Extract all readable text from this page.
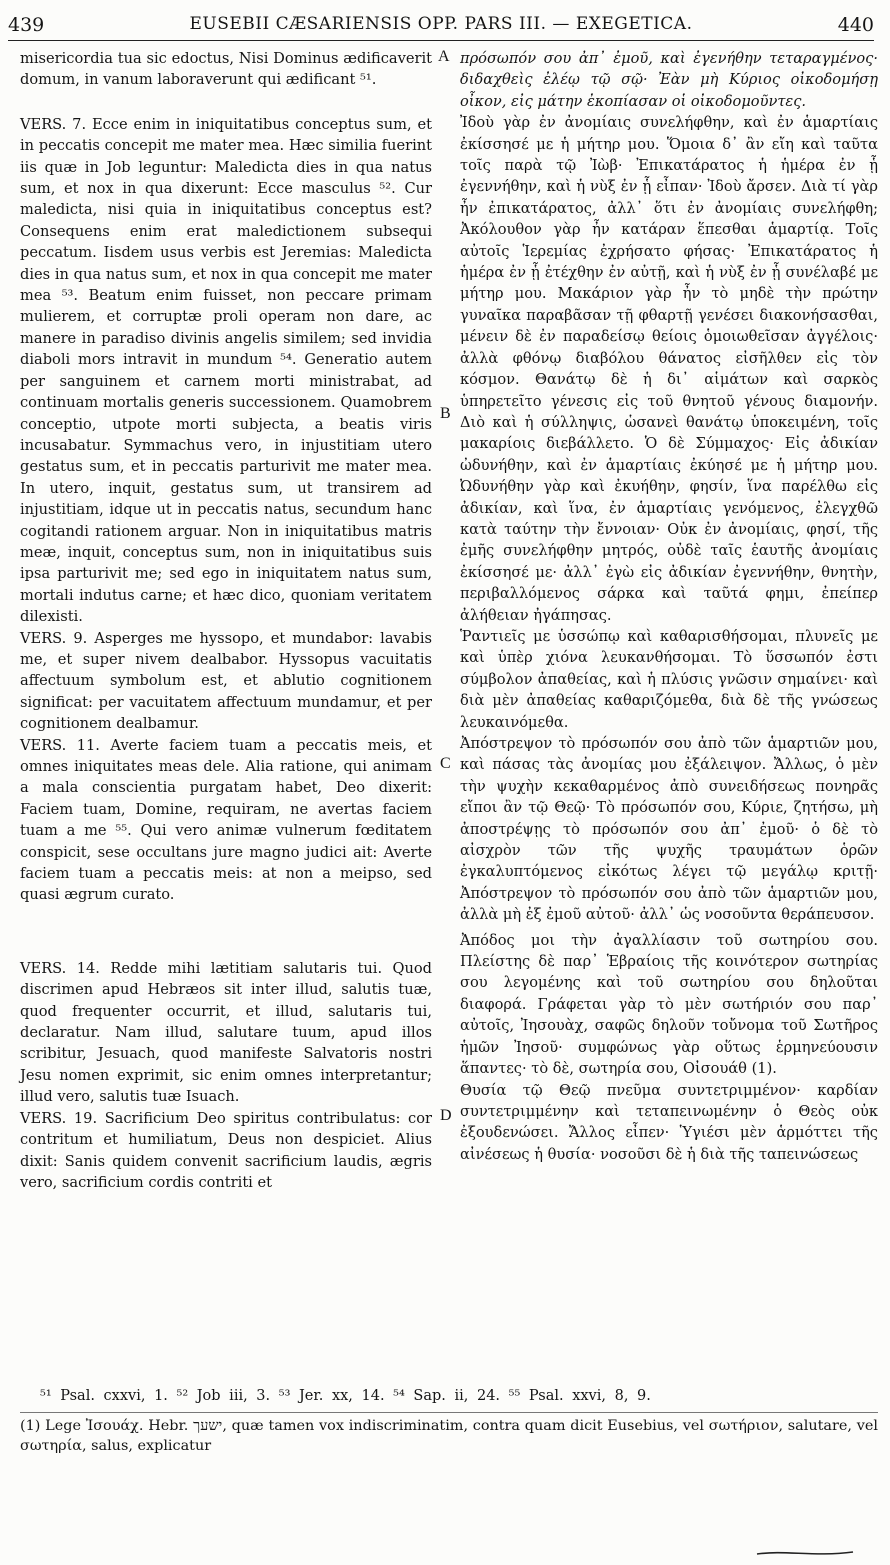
439	EUSEBII CÆSARIENSIS OPP. PARS III. — EXEGETICA.	440

misericordia tua sic edoctus, Nisi Dominus ædificaverit domum, in vanum laboraverunt qui ædificant ⁵¹.

VERS. 7. Ecce enim in iniquitatibus conceptus sum, et in peccatis concepit me mater mea. Hæc similia fuerint iis quæ in Job leguntur: Maledicta dies in qua natus sum, et nox in qua dixerunt: Ecce masculus ⁵². Cur maledicta, nisi quia in iniquitatibus conceptus est? Consequens enim erat maledictionem subsequi peccatum. Iisdem usus verbis est Jeremias: Maledicta dies in qua natus sum, et nox in qua concepit me mater mea ⁵³. Beatum enim fuisset, non peccare primam mulierem, et corruptæ proli operam non dare, ac manere in paradiso divinis angelis similem; sed invidia diaboli mors intravit in mundum ⁵⁴. Generatio autem per sanguinem et carnem morti ministrabat, ad continuam mortalis generis successionem. Quamobrem conceptio, utpote morti subjecta, a beatis viris incusabatur. Symmachus vero, in injustitiam utero gestatus sum, et in peccatis parturivit me mater mea. In utero, inquit, gestatus sum, ut transirem ad injustitiam, idque ut in peccatis natus, secundum hanc cogitandi rationem arguar. Non in iniquitatibus matris meæ, inquit, conceptus sum, non in iniquitatibus suis ipsa parturivit me; sed ego in iniquitatem natus sum, mortali indutus carne; et hæc dico, quoniam veritatem dilexisti.

VERS. 9. Asperges me hyssopo, et mundabor: lavabis me, et super nivem dealbabor. Hyssopus vacuitatis affectuum symbolum est, et ablutio cognitionem significat: per vacuitatem affectuum mundamur, et per cognitionem dealbamur.

VERS. 11. Averte faciem tuam a peccatis meis, et omnes iniquitates meas dele. Alia ratione, qui animam a mala conscientia purgatam habet, Deo dixerit: Faciem tuam, Domine, requiram, ne avertas faciem tuam a me ⁵⁵. Qui vero animæ vulnerum fœditatem conspicit, sese occultans jure magno judici ait: Averte faciem tuam a peccatis meis: at non a meipso, sed quasi ægrum curato.

VERS. 14. Redde mihi lætitiam salutaris tui. Quod discrimen apud Hebræos sit inter illud, salutis tuæ, quod frequenter occurrit, et illud, salutaris tui, declaratur. Nam illud, salutare tuum, apud illos scribitur, Jesuach, quod manifeste Salvatoris nostri Jesu nomen exprimit, sic enim omnes interpretantur; illud vero, salutis tuæ Isuach.

VERS. 19. Sacrificium Deo spiritus contribulatus: cor contritum et humiliatum, Deus non despiciet. Alius dixit: Sanis quidem convenit sacrificium laudis, ægris vero, sacrificium cordis contriti et

A
B
C
D

πρόσωπόν σου ἀπ᾽ ἐμοῦ, καὶ ἐγενήθην τεταραγμένος· διδαχθεὶς ἐλέῳ τῷ σῷ· Ἐὰν μὴ Κύριος οἰκοδομήσῃ οἶκον, εἰς μάτην ἐκοπίασαν οἱ οἰκοδομοῦντες.

Ἰδοὺ γὰρ ἐν ἀνομίαις συνελήφθην, καὶ ἐν ἁμαρτίαις ἐκίσσησέ με ἡ μήτηρ μου. Ὅμοια δ᾽ ἂν εἴη καὶ ταῦτα τοῖς παρὰ τῷ Ἰὼβ· Ἐπικατάρατος ἡ ἡμέρα ἐν ᾗ ἐγεννήθην, καὶ ἡ νὺξ ἐν ᾗ εἶπαν· Ἰδοὺ ἄρσεν. Διὰ τί γὰρ ἦν ἐπικατάρατος, ἀλλ᾽ ὅτι ἐν ἀνομίαις συνελήφθη; Ἀκόλουθον γὰρ ἦν κατάραν ἕπεσθαι ἁμαρτίᾳ. Τοῖς αὐτοῖς Ἱερεμίας ἐχρήσατο φήσας· Ἐπικατάρατος ἡ ἡμέρα ἐν ᾗ ἐτέχθην ἐν αὐτῇ, καὶ ἡ νὺξ ἐν ᾗ συνέλαβέ με μήτηρ μου. Μακάριον γὰρ ἦν τὸ μηδὲ τὴν πρώτην γυναῖκα παραβᾶσαν τῇ φθαρτῇ γενέσει διακονήσασθαι, μένειν δὲ ἐν παραδείσῳ θείοις ὁμοιωθεῖσαν ἀγγέλοις· ἀλλὰ φθόνῳ διαβόλου θάνατος εἰσῆλθεν εἰς τὸν κόσμον. Θανάτῳ δὲ ἡ δι᾽ αἱμάτων καὶ σαρκὸς ὑπηρετεῖτο γένεσις εἰς τοῦ θνητοῦ γένους διαμονήν. Διὸ καὶ ἡ σύλληψις, ὡσανεὶ θανάτῳ ὑποκειμένη, τοῖς μακαρίοις διεβάλλετο. Ὁ δὲ Σύμμαχος· Εἰς ἀδικίαν ὠδυνήθην, καὶ ἐν ἁμαρτίαις ἐκύησέ με ἡ μήτηρ μου. Ὠδυνήθην γὰρ καὶ ἐκυήθην, φησίν, ἵνα παρέλθω εἰς ἀδικίαν, καὶ ἵνα, ἐν ἁμαρτίαις γενόμενος, ἐλεγχθῶ κατὰ ταύτην τὴν ἔννοιαν· Οὐκ ἐν ἀνομίαις, φησί, τῆς ἐμῆς συνελήφθην μητρός, οὐδὲ ταῖς ἑαυτῆς ἀνομίαις ἐκίσσησέ με· ἀλλ᾽ ἐγὼ εἰς ἀδικίαν ἐγεννήθην, θνητὴν, περιβαλλόμενος σάρκα καὶ ταῦτά φημι, ἐπείπερ ἀλήθειαν ἠγάπησας.

Ῥαντιεῖς με ὑσσώπῳ καὶ καθαρισθήσομαι, πλυνεῖς με καὶ ὑπὲρ χιόνα λευκανθήσομαι. Τὸ ὕσσωπόν ἐστι σύμβολον ἀπαθείας, καὶ ἡ πλύσις γνῶσιν σημαίνει· καὶ διὰ μὲν ἀπαθείας καθαριζόμεθα, διὰ δὲ τῆς γνώσεως λευκαινόμεθα.

Ἀπόστρεψον τὸ πρόσωπόν σου ἀπὸ τῶν ἁμαρτιῶν μου, καὶ πάσας τὰς ἀνομίας μου ἐξάλειψον. Ἄλλως, ὁ μὲν τὴν ψυχὴν κεκαθαρμένος ἀπὸ συνειδήσεως πονηρᾶς εἴποι ἂν τῷ Θεῷ· Τὸ πρόσωπόν σου, Κύριε, ζητήσω, μὴ ἀποστρέψῃς τὸ πρόσωπόν σου ἀπ᾽ ἐμοῦ· ὁ δὲ τὸ αἰσχρὸν τῶν τῆς ψυχῆς τραυμάτων ὁρῶν ἐγκαλυπτόμενος εἰκότως λέγει τῷ μεγάλῳ κριτῇ· Ἀπόστρεψον τὸ πρόσωπόν σου ἀπὸ τῶν ἁμαρτιῶν μου, ἀλλὰ μὴ ἐξ ἐμοῦ αὐτοῦ· ἀλλ᾽ ὡς νοσοῦντα θεράπευσον.

Ἀπόδος μοι τὴν ἀγαλλίασιν τοῦ σωτηρίου σου. Πλείστης δὲ παρ᾽ Ἑβραίοις τῆς κοινότερον σωτηρίας σου λεγομένης καὶ τοῦ σωτηρίου σου δηλοῦται διαφορά. Γράφεται γὰρ τὸ μὲν σωτήριόν σου παρ᾽ αὐτοῖς, Ἰησουὰχ, σαφῶς δηλοῦν τοὔνομα τοῦ Σωτῆρος ἡμῶν Ἰησοῦ· συμφώνως γὰρ οὕτως ἑρμηνεύουσιν ἅπαντες· τὸ δὲ, σωτηρία σου, Οἰσουάθ (1).

Θυσία τῷ Θεῷ πνεῦμα συντετριμμένον· καρδίαν συντετριμμένην καὶ τεταπεινωμένην ὁ Θεὸς οὐκ ἐξουδενώσει. Ἄλλος εἶπεν· Ὑγιέσι μὲν ἁρμόττει τῆς αἰνέσεως ἡ θυσία· νοσοῦσι δὲ ἡ διὰ τῆς ταπεινώσεως

⁵¹ Psal. cxxvi, 1. ⁵² Job iii, 3. ⁵³ Jer. xx, 14. ⁵⁴ Sap. ii, 24. ⁵⁵ Psal. xxvi, 8, 9.
(1) Lege Ἰσουάχ. Hebr. ישעך, quæ tamen vox indiscriminatim, contra quam dicit Eusebius, vel σωτήριον, salutare, vel σωτηρία, salus, explicatur
